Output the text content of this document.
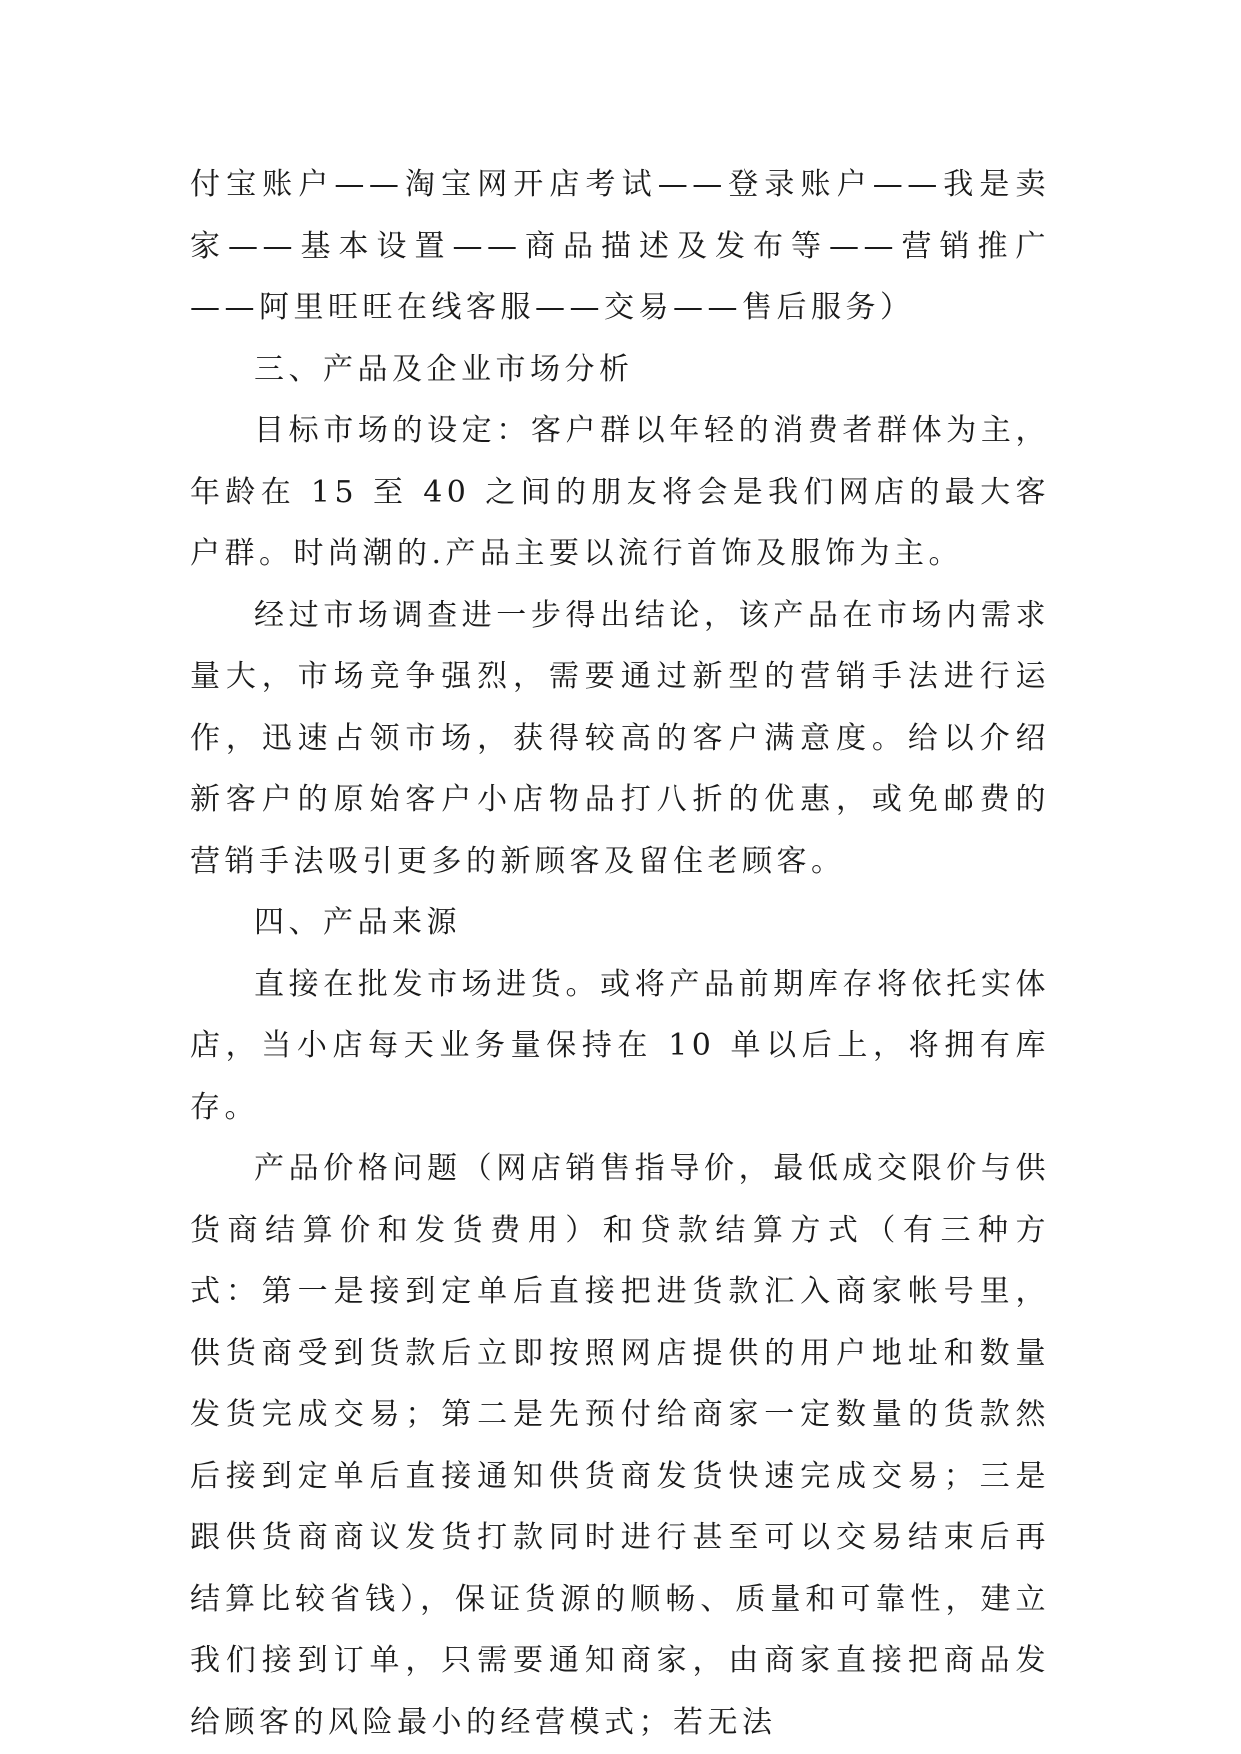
付宝账户——淘宝网开店考试——登录账户——我是卖家——基本设置——商品描述及发布等——营销推广——阿里旺旺在线客服——交易——售后服务）

三、产品及企业市场分析

目标市场的设定：客户群以年轻的消费者群体为主，年龄在 15 至 40 之间的朋友将会是我们网店的最大客户群。时尚潮的.产品主要以流行首饰及服饰为主。

经过市场调查进一步得出结论，该产品在市场内需求量大，市场竞争强烈，需要通过新型的营销手法进行运作，迅速占领市场，获得较高的客户满意度。给以介绍新客户的原始客户小店物品打八折的优惠，或免邮费的营销手法吸引更多的新顾客及留住老顾客。

四、产品来源

直接在批发市场进货。或将产品前期库存将依托实体店，当小店每天业务量保持在 10 单以后上，将拥有库存。

产品价格问题（网店销售指导价，最低成交限价与供货商结算价和发货费用）和贷款结算方式（有三种方式：第一是接到定单后直接把进货款汇入商家帐号里，供货商受到货款后立即按照网店提供的用户地址和数量发货完成交易；第二是先预付给商家一定数量的货款然后接到定单后直接通知供货商发货快速完成交易；三是跟供货商商议发货打款同时进行甚至可以交易结束后再结算比较省钱），保证货源的顺畅、质量和可靠性，建立我们接到订单，只需要通知商家，由商家直接把商品发给顾客的风险最小的经营模式；若无法
